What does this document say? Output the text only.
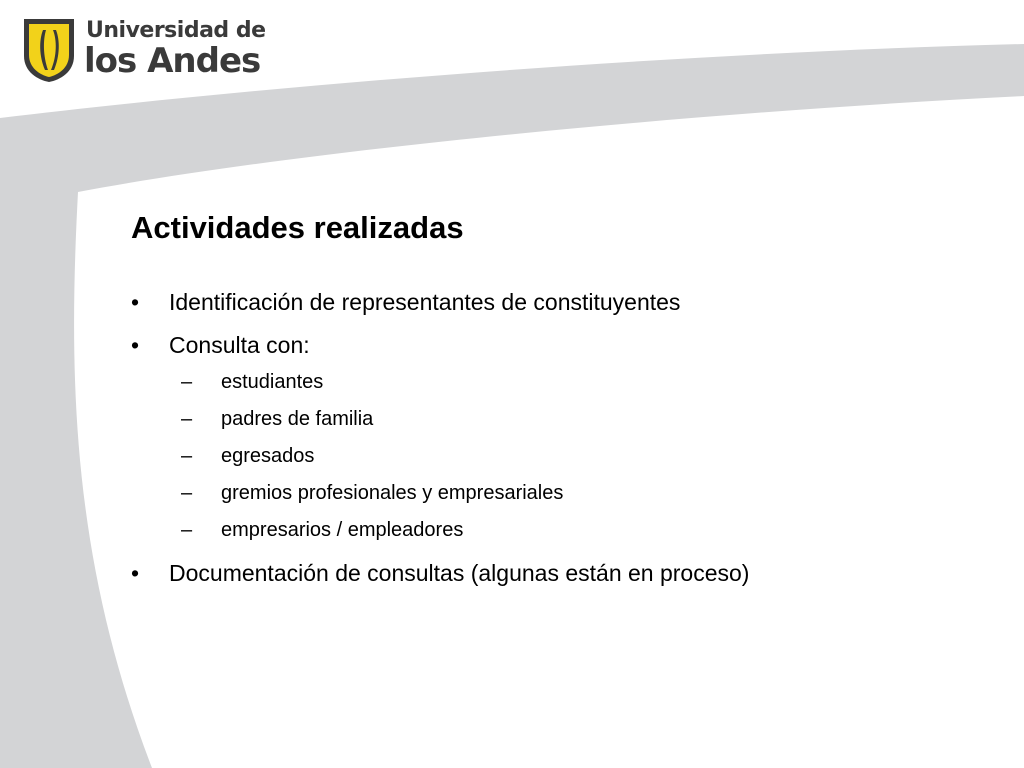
Universidad de
los Andes
Actividades realizadas
• Identificación de representantes de constituyentes
• Consulta con:
– estudiantes
– padres de familia
– egresados
– gremios profesionales y empresariales
– empresarios / empleadores
• Documentación de consultas (algunas están en proceso)
